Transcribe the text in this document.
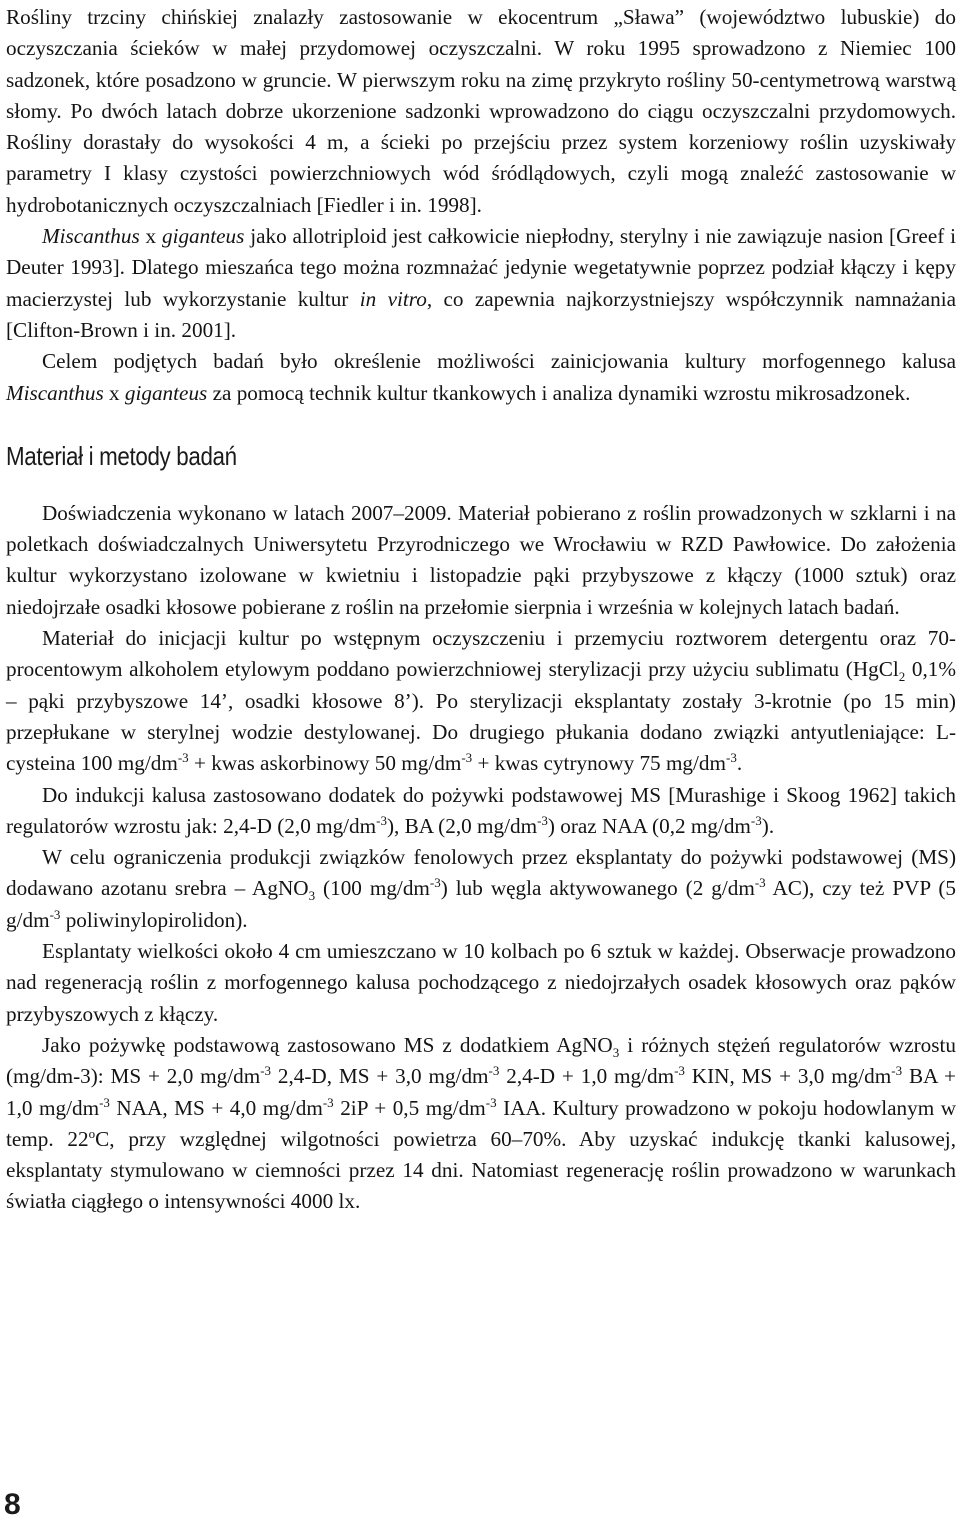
Rośliny trzciny chińskiej znalazły zastosowanie w ekocentrum „Sława” (województwo lubuskie) do oczyszczania ścieków w małej przydomowej oczyszczalni. W roku 1995 sprowadzono z Niemiec 100 sadzonek, które posadzono w gruncie. W pierwszym roku na zimę przykryto rośliny 50-centymetrową warstwą słomy. Po dwóch latach dobrze ukorzenione sadzonki wprowadzono do ciągu oczyszczalni przydomowych. Rośliny dorastały do wysokości 4 m, a ścieki po przejściu przez system korzeniowy roślin uzyskiwały parametry I klasy czystości powierzchniowych wód śródlądowych, czyli mogą znaleźć zastosowanie w hydrobotanicznych oczyszczalniach [Fiedler i in. 1998].

Miscanthus x giganteus jako allotriploid jest całkowicie niepłodny, sterylny i nie zawiązuje nasion [Greef i Deuter 1993]. Dlatego mieszańca tego można rozmnażać jedynie wegetatywnie poprzez podział kłączy i kępy macierzystej lub wykorzystanie kultur in vitro, co zapewnia najkorzystniejszy współczynnik namnażania [Clifton-Brown i in. 2001].

Celem podjętych badań było określenie możliwości zainicjowania kultury morfogennego kalusa Miscanthus x giganteus za pomocą technik kultur tkankowych i analiza dynamiki wzrostu mikrosadzonek.

Materiał i metody badań

Doświadczenia wykonano w latach 2007–2009. Materiał pobierano z roślin prowadzonych w szklarni i na poletkach doświadczalnych Uniwersytetu Przyrodniczego we Wrocławiu w RZD Pawłowice. Do założenia kultur wykorzystano izolowane w kwietniu i listopadzie pąki przybyszowe z kłączy (1000 sztuk) oraz niedojrzałe osadki kłosowe pobierane z roślin na przełomie sierpnia i września w kolejnych latach badań.

Materiał do inicjacji kultur po wstępnym oczyszczeniu i przemyciu roztworem detergentu oraz 70-procentowym alkoholem etylowym poddano powierzchniowej sterylizacji przy użyciu sublimatu (HgCl$_2$ 0,1% – pąki przybyszowe 14’, osadki kłosowe 8’). Po sterylizacji eksplantaty zostały 3-krotnie (po 15 min) przepłukane w sterylnej wodzie destylowanej. Do drugiego płukania dodano związki antyutleniające: L-cysteina 100 $mg/dm^{-3}$ + kwas askorbinowy 50 $mg/dm^{-3}$ + kwas cytrynowy 75 $mg/dm^{-3}$.

Do indukcji kalusa zastosowano dodatek do pożywki podstawowej MS [Murashige i Skoog 1962] takich regulatorów wzrostu jak: 2,4-D (2,0 $mg/dm^{-3}$), BA (2,0 $mg/dm^{-3}$) oraz NAA (0,2 $mg/dm^{-3}$).

W celu ograniczenia produkcji związków fenolowych przez eksplantaty do pożywki podstawowej (MS) dodawano azotanu srebra – AgNO$_3$ (100 $mg/dm^{-3}$) lub węgla aktywowanego (2 $g/dm^{-3}$ AC), czy też PVP (5 $g/dm^{-3}$ poliwinylopirolidon).

Esplantaty wielkości około 4 cm umieszczano w 10 kolbach po 6 sztuk w każdej. Obserwacje prowadzono nad regeneracją roślin z morfogennego kalusa pochodzącego z niedojrzałych osadek kłosowych oraz pąków przybyszowych z kłączy.

Jako pożywkę podstawową zastosowano MS z dodatkiem AgNO$_3$ i różnych stężeń regulatorów wzrostu (mg/dm-3): MS + 2,0 $mg/dm^{-3}$ 2,4-D, MS + 3,0 $mg/dm^{-3}$ 2,4-D + 1,0 $mg/dm^{-3}$ KIN, MS + 3,0 $mg/dm^{-3}$ BA + 1,0 $mg/dm^{-3}$ NAA, MS + 4,0 $mg/dm^{-3}$ 2iP + 0,5 $mg/dm^{-3}$ IAA. Kultury prowadzono w pokoju hodowlanym w temp. 22$^o$C, przy względnej wilgotności powietrza 60–70%. Aby uzyskać indukcję tkanki kalusowej, eksplantaty stymulowano w ciemności przez 14 dni. Natomiast regenerację roślin prowadzono w warunkach światła ciągłego o intensywności 4000 lx.

8
